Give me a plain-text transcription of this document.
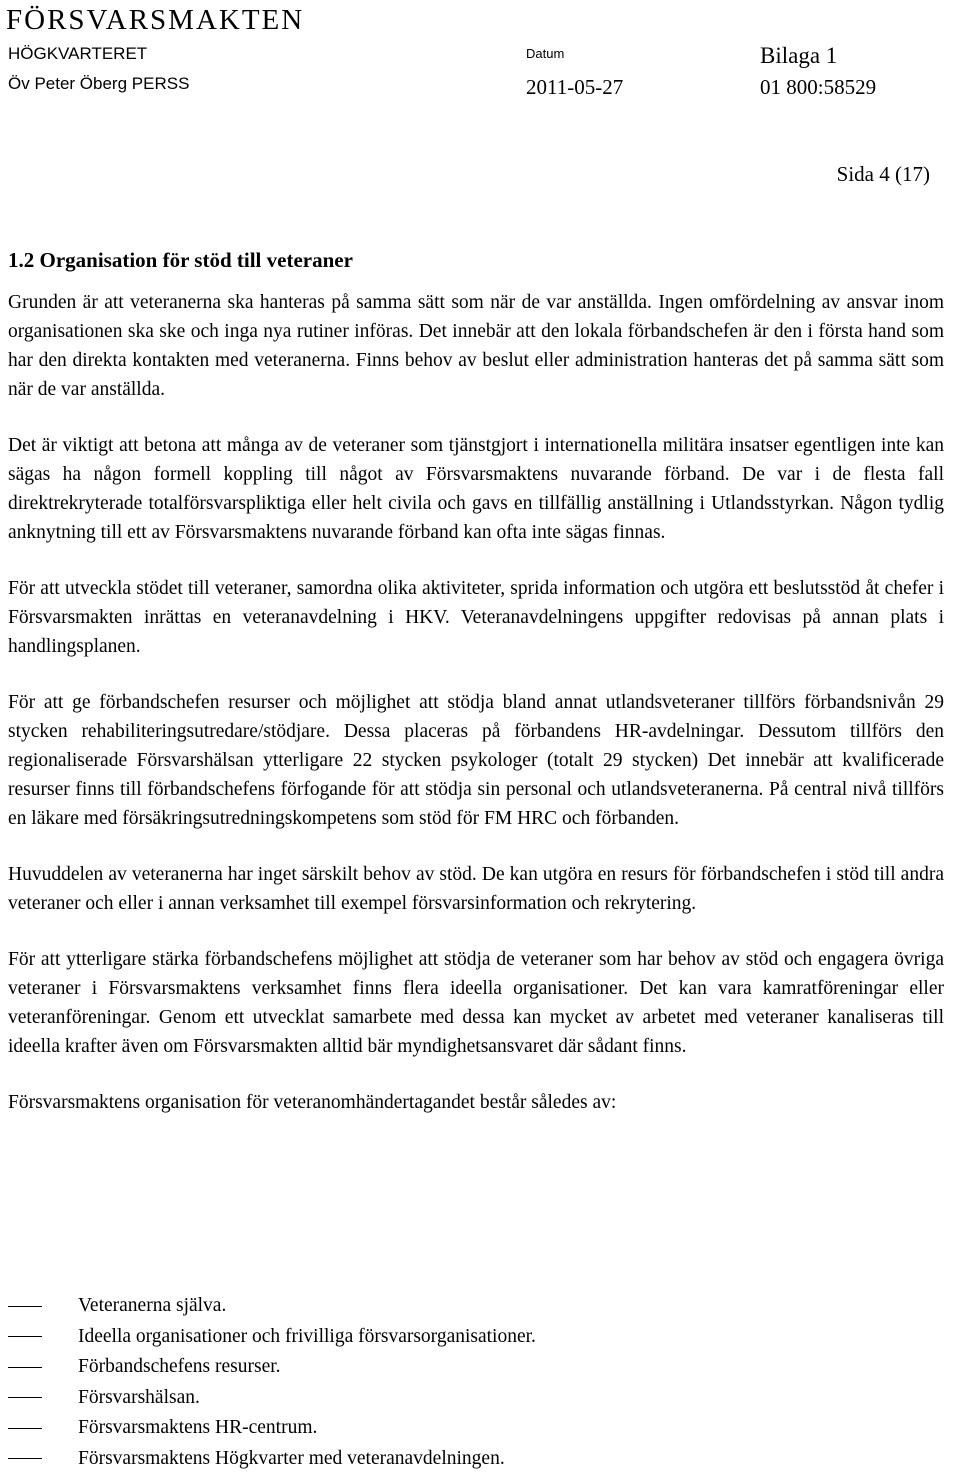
FÖRSVARSMAKTEN
HÖGKVARTERET
Öv Peter Öberg PERSS
Datum
2011-05-27
Bilaga 1
01 800:58529
Sida 4 (17)
1.2 Organisation för stöd till veteraner

Grunden är att veteranerna ska hanteras på samma sätt som när de var anställda. Ingen omfördelning av ansvar inom organisationen ska ske och inga nya rutiner införas. Det innebär att den lokala förbandschefen är den i första hand som har den direkta kontakten med veteranerna. Finns behov av beslut eller administration hanteras det på samma sätt som när de var anställda.

Det är viktigt att betona att många av de veteraner som tjänstgjort i internationella militära insatser egentligen inte kan sägas ha någon formell koppling till något av Försvarsmaktens nuvarande förband. De var i de flesta fall direktrekryterade totalförsvarspliktiga eller helt civila och gavs en tillfällig anställning i Utlandsstyrkan. Någon tydlig anknytning till ett av Försvarsmaktens nuvarande förband kan ofta inte sägas finnas.

För att utveckla stödet till veteraner, samordna olika aktiviteter, sprida information och utgöra ett beslutsstöd åt chefer i Försvarsmakten inrättas en veteranavdelning i HKV. Veteranavdelningens uppgifter redovisas på annan plats i handlingsplanen.

För att ge förbandschefen resurser och möjlighet att stödja bland annat utlandsveteraner tillförs förbandsnivån 29 stycken rehabiliteringsutredare/stödjare. Dessa placeras på förbandens HR-avdelningar. Dessutom tillförs den regionaliserade Försvarshälsan ytterligare 22 stycken psykologer (totalt 29 stycken) Det innebär att kvalificerade resurser finns till förbandschefens förfogande för att stödja sin personal och utlandsveteranerna. På central nivå tillförs en läkare med försäkringsutredningskompetens som stöd för FM HRC och förbanden.

Huvuddelen av veteranerna har inget särskilt behov av stöd. De kan utgöra en resurs för förbandschefen i stöd till andra veteraner och eller i annan verksamhet till exempel försvarsinformation och rekrytering.

För att ytterligare stärka förbandschefens möjlighet att stödja de veteraner som har behov av stöd och engagera övriga veteraner i Försvarsmaktens verksamhet finns flera ideella organisationer. Det kan vara kamratföreningar eller veteranföreningar. Genom ett utvecklat samarbete med dessa kan mycket av arbetet med veteraner kanaliseras till ideella krafter även om Försvarsmakten alltid bär myndighetsansvaret där sådant finns.

Försvarsmaktens organisation för veteranomhändertagandet består således av:

Veteranerna själva.
Ideella organisationer och frivilliga försvarsorganisationer.
Förbandschefens resurser.
Försvarshälsan.
Försvarsmaktens HR-centrum.
Försvarsmaktens Högkvarter med veteranavdelningen.
